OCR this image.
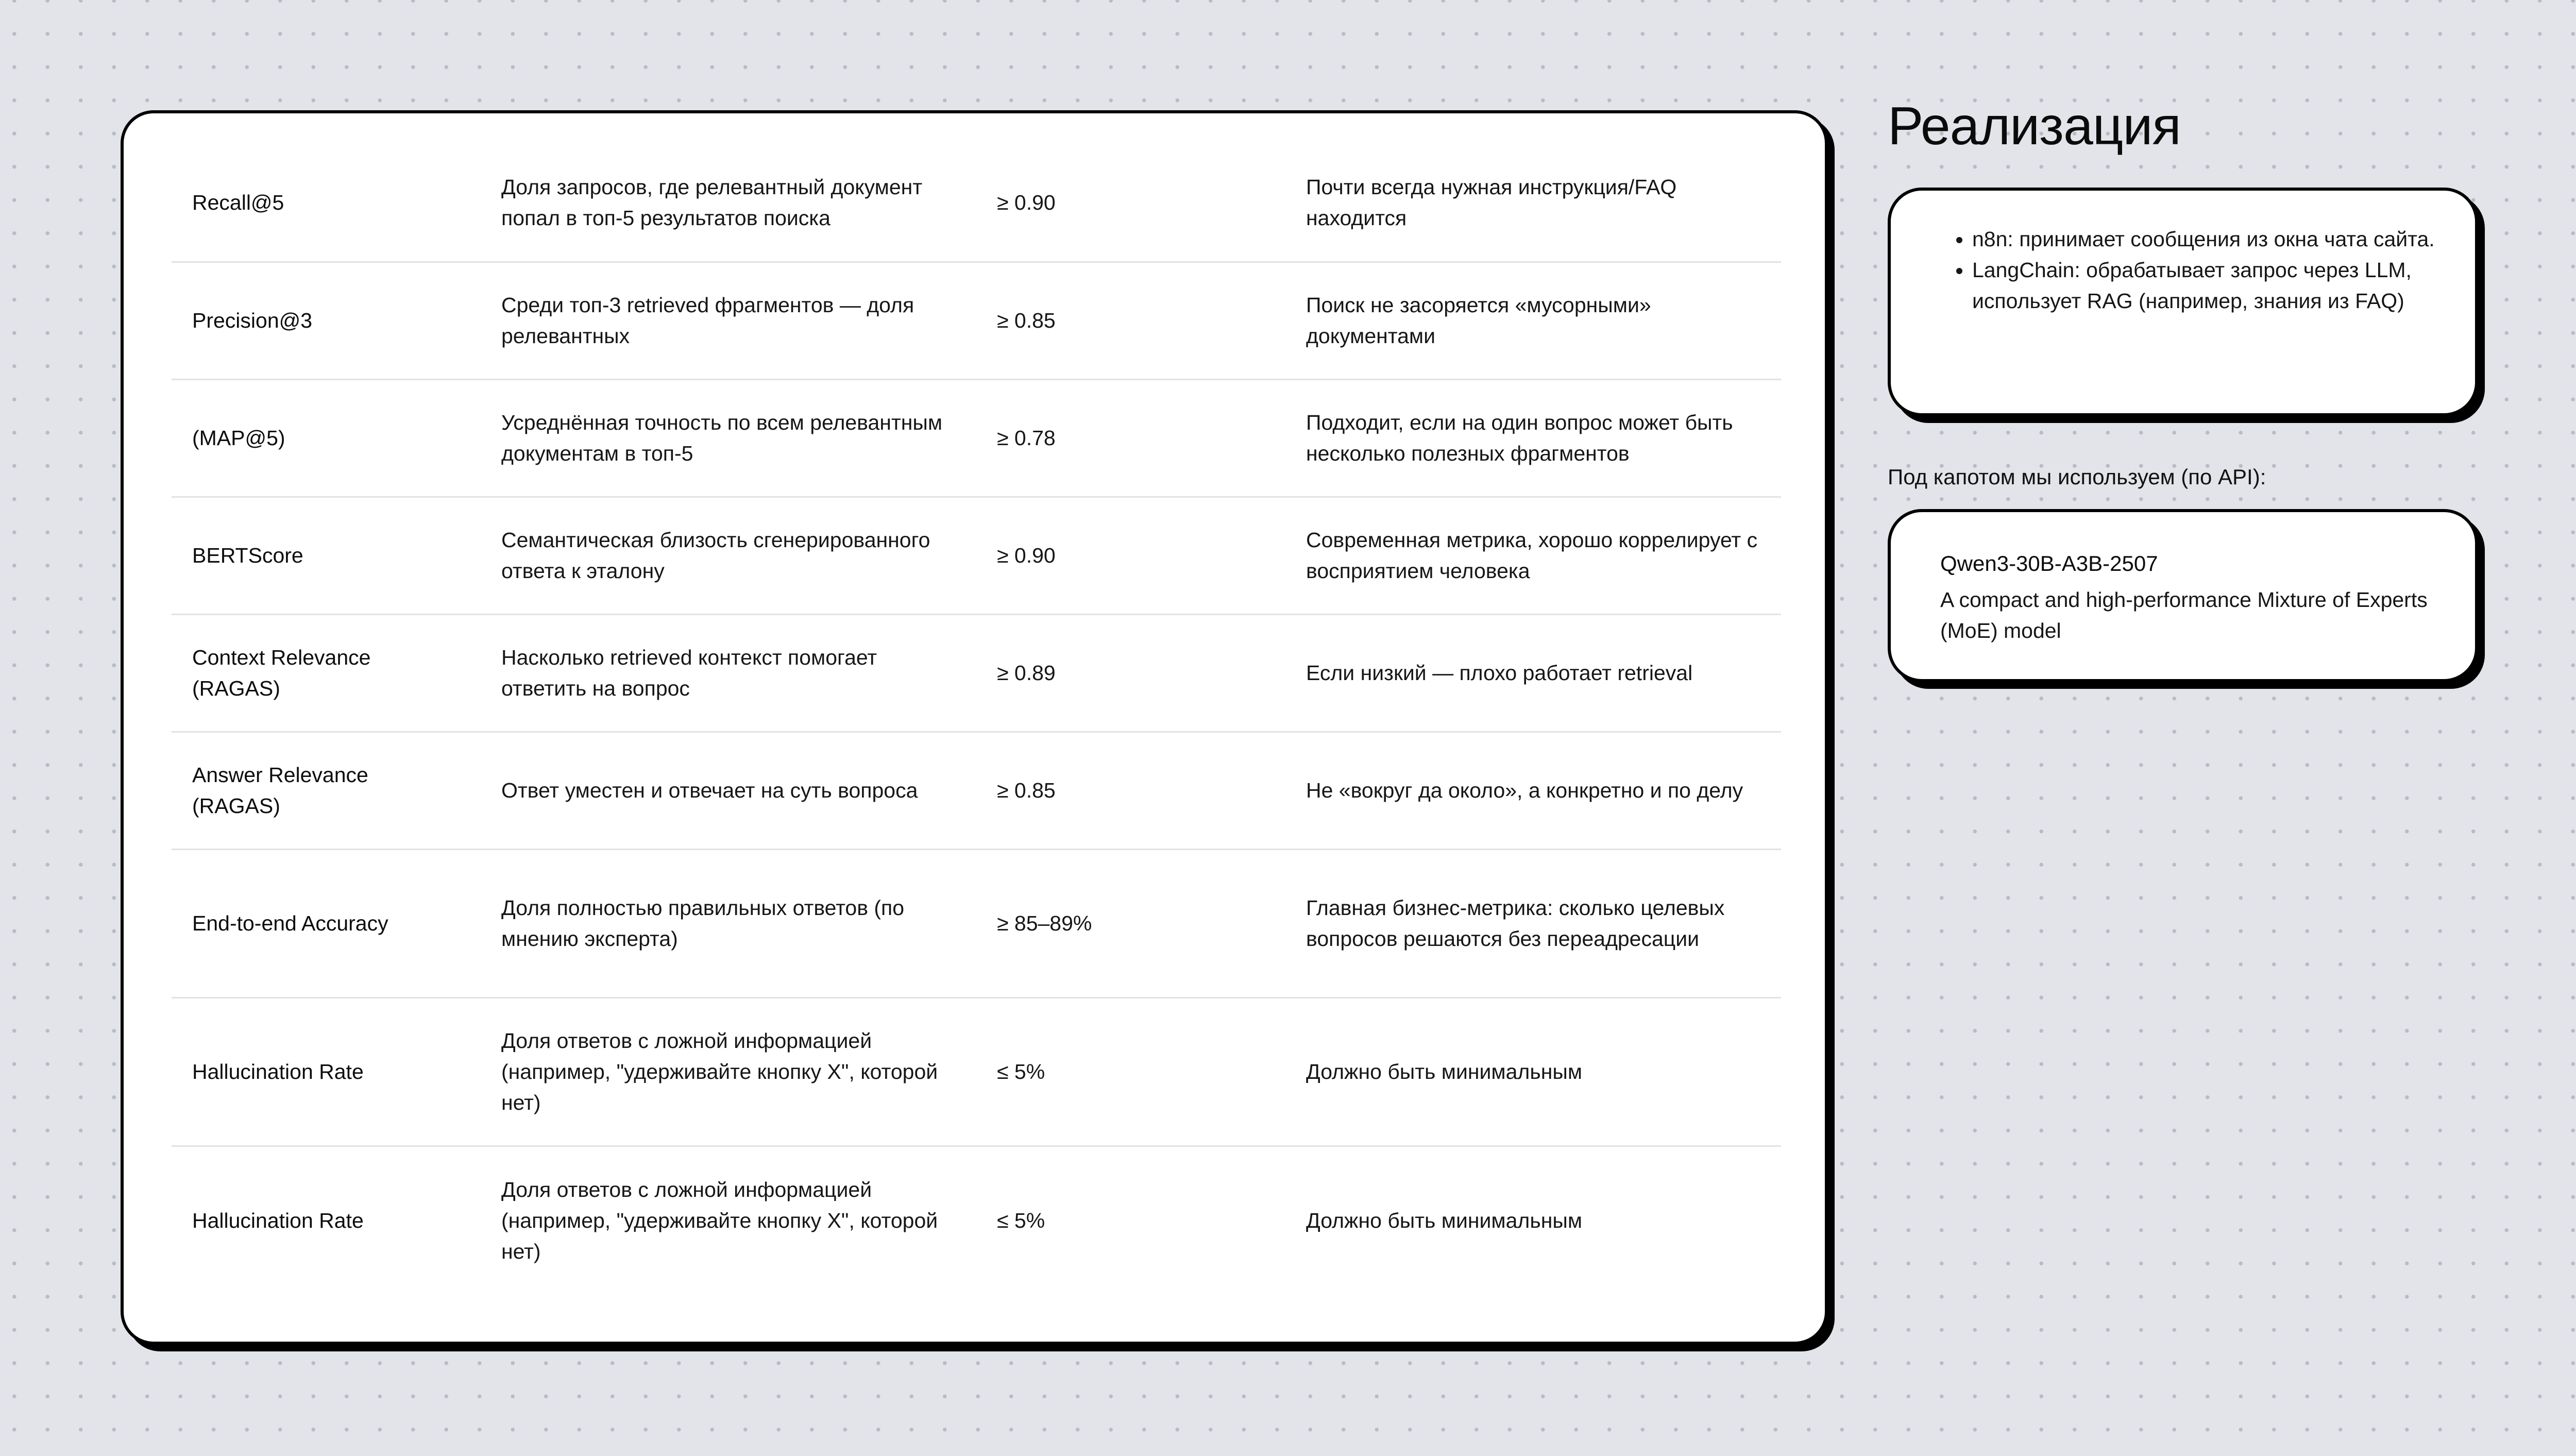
Recall@5	Доля запросов, где релевантный документ попал в топ-5 результатов поиска	≥ 0.90	Почти всегда нужная инструкция/FAQ находится
Precision@3	Среди топ-3 retrieved фрагментов — доля релевантных	≥ 0.85	Поиск не засоряется «мусорными» документами
(MAP@5)	Усреднённая точность по всем релевантным документам в топ-5	≥ 0.78	Подходит, если на один вопрос может быть несколько полезных фрагментов
BERTScore	Семантическая близость сгенерированного ответа к эталону	≥ 0.90	Современная метрика, хорошо коррелирует с восприятием человека
Context Relevance (RAGAS)	Насколько retrieved контекст помогает ответить на вопрос	≥ 0.89	Если низкий — плохо работает retrieval
Answer Relevance (RAGAS)	Ответ уместен и отвечает на суть вопроса	≥ 0.85	Не «вокруг да около», а конкретно и по делу
End-to-end Accuracy	Доля полностью правильных ответов (по мнению эксперта)	≥ 85–89%	Главная бизнес-метрика: сколько целевых вопросов решаются без переадресации
Hallucination Rate	Доля ответов с ложной информацией (например, "удерживайте кнопку X", которой нет)	≤ 5%	Должно быть минимальным
Hallucination Rate	Доля ответов с ложной информацией (например, "удерживайте кнопку X", которой нет)	≤ 5%	Должно быть минимальным
Реализация
• n8n: принимает сообщения из окна чата сайта.
• LangChain: обрабатывает запрос через LLM, использует RAG (например, знания из FAQ)

Под капотом мы используем (по API):

Qwen3-30B-A3B-2507
A compact and high-performance Mixture of Experts (MoE) model
